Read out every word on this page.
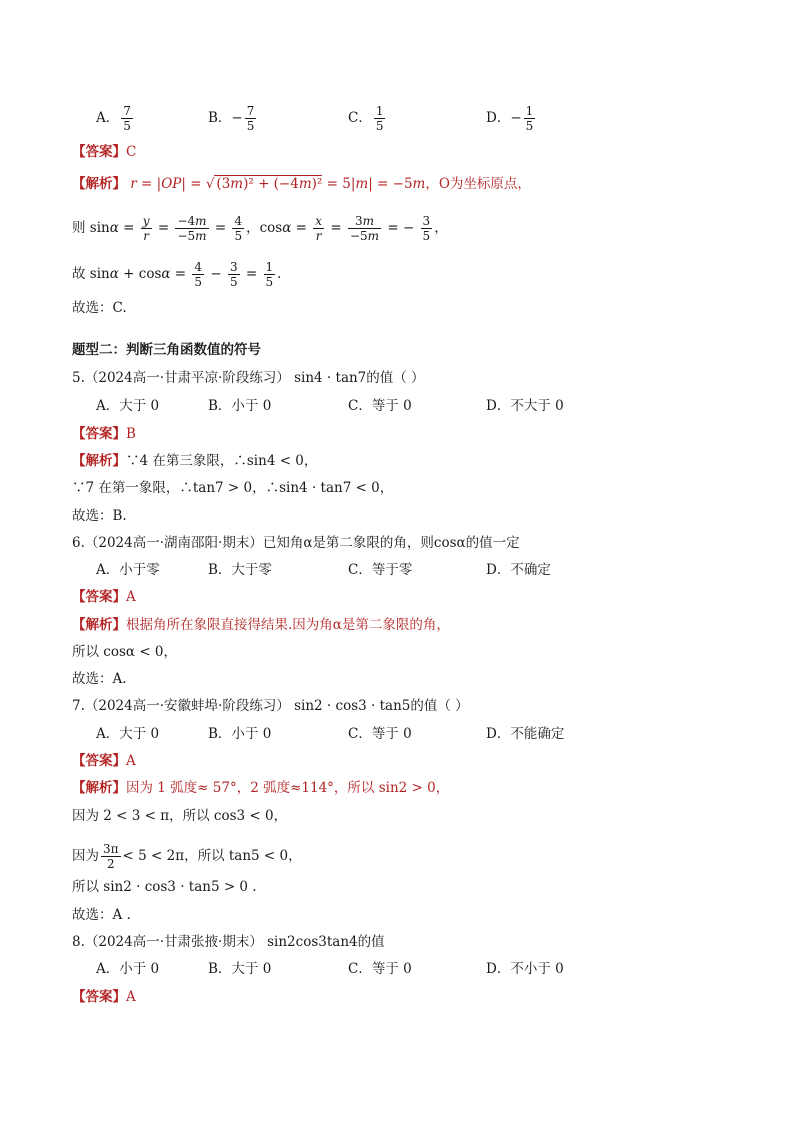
A． $\frac{7}{5}$	B．− $\frac{7}{5}$	C． $\frac{1}{5}$	D．− $\frac{1}{5}$
【答案】C
【解析】 r = |OP| = √ (3m)² + (−4m)² = 5|m| = −5m，O为坐标原点，
则 $\sin\alpha = \frac{y}{r} = \frac{-4m}{-5m} = \frac{4}{5}$ ，$\cos\alpha = \frac{x}{r} = \frac{3m}{-5m}$ = − $\frac{3}{5}$ ，
故 $\sin\alpha + \cos\alpha = \frac{4}{5} - \frac{3}{5} = \frac{1}{5}$ .
故选：C.
题型二：判断三角函数值的符号
5.（2024高一·甘肃平凉·阶段练习） sin4 · tan7的值（ ）
A．大于 0	B．小于 0	C．等于 0	D．不大于 0
【答案】B
【解析】∵4 在第三象限，∴sin4 < 0，
∵7 在第一象限，∴tan7 > 0，∴sin4 · tan7 < 0，
故选：B.
6.（2024高一·湖南邵阳·期末）已知角α是第二象限的角，则cosα的值一定
A．小于零	B．大于零	C．等于零	D．不确定
【答案】A
【解析】根据角所在象限直接得结果.因为角α是第二象限的角，
所以 cosα < 0，
故选：A.
7.（2024高一·安徽蚌埠·阶段练习） sin2 · cos3 · tan5的值（ ）
A．大于 0	B．小于 0	C．等于 0	D．不能确定
【答案】A
【解析】因为 1 弧度≈ 57°，2 弧度≈114°，所以 sin2 > 0，
因为 2 < 3 < π，所以 cos3 < 0，
因为 $\frac{3\pi}{2} < 5 < 2\pi$，所以 tan5 < 0，
所以 sin2 · cos3 · tan5 > 0 .
故选：A .
8.（2024高一·甘肃张掖·期末） sin2cos3tan4的值
A．小于 0	B．大于 0	C．等于 0	D．不小于 0
【答案】A
